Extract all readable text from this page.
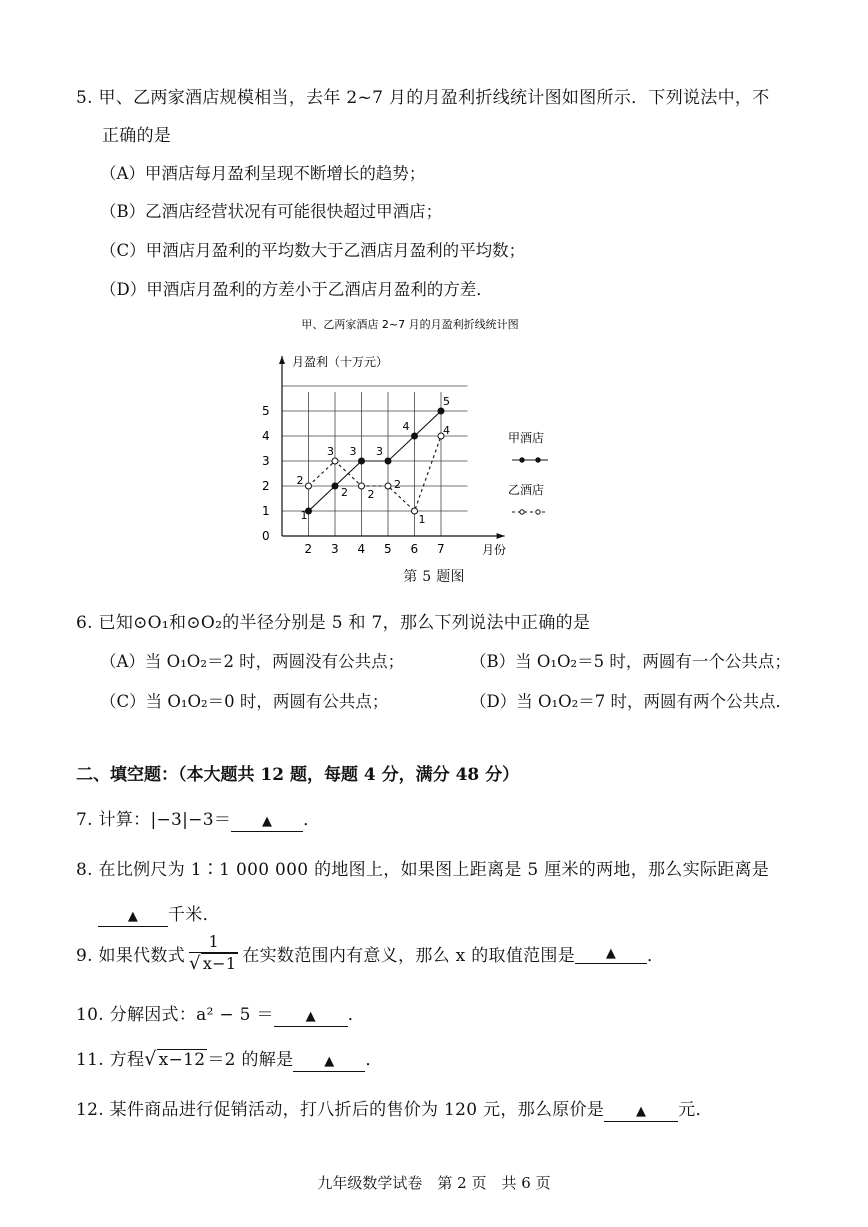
5. 甲、乙两家酒店规模相当，去年 2~7 月的月盈利折线统计图如图所示．下列说法中，不
正确的是
（A）甲酒店每月盈利呈现不断增长的趋势；
（B）乙酒店经营状况有可能很快超过甲酒店；
（C）甲酒店月盈利的平均数大于乙酒店月盈利的平均数；
（D）甲酒店月盈利的方差小于乙酒店月盈利的方差．
甲、乙两家酒店 2~7 月的月盈利折线统计图
月盈利（十万元）
月份
0
1
2
3
4
5
2 3 4 5 6 7
1
2
3 3
4
5
2
3
2
2
1
4
甲酒店
乙酒店
第 5 题图
6. 已知⊙O₁和⊙O₂的半径分别是 5 和 7，那么下列说法中正确的是
（A）当 O₁O₂＝2 时，两圆没有公共点；	（B）当 O₁O₂＝5 时，两圆有一个公共点；
（C）当 O₁O₂＝0 时，两圆有公共点；	（D）当 O₁O₂＝7 时，两圆有两个公共点．
二、填空题：（本大题共 12 题，每题 4 分，满分 48 分）
7. 计算：|−3|−3＝ ▲ ．
8. 在比例尺为 1∶1 000 000 的地图上，如果图上距离是 5 厘米的两地，那么实际距离是
▲ 千米．
9. 如果代数式 $\frac{1}{√ x-1}$ 在实数范围内有意义，那么 x 的取值范围是 ▲ ．
10. 分解因式：a² − 5 ＝ ▲ ．
11. 方程√ x−12 ＝2 的解是 ▲ ．
12. 某件商品进行促销活动，打八折后的售价为 120 元，那么原价是 ▲ 元．
九年级数学试卷　第 2 页　共 6 页
